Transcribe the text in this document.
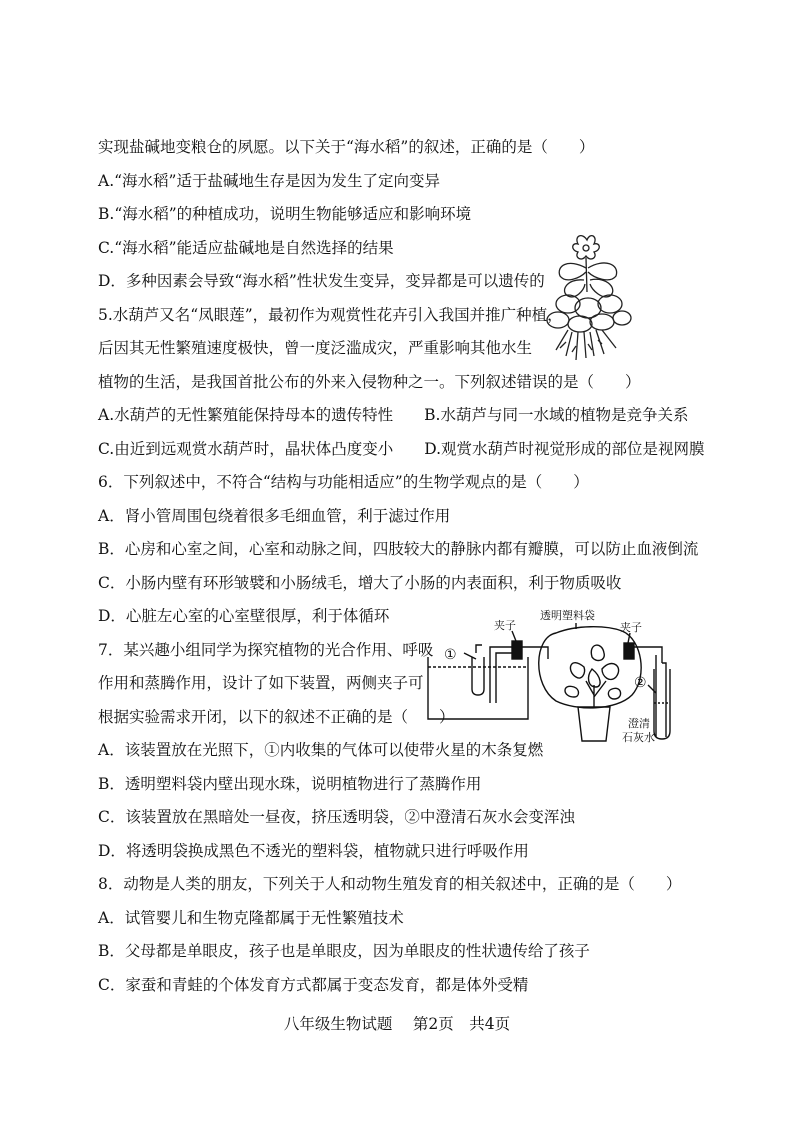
实现盐碱地变粮仓的夙愿。以下关于“海水稻”的叙述，正确的是（　　）
A.“海水稻”适于盐碱地生存是因为发生了定向变异
B.“海水稻”的种植成功，说明生物能够适应和影响环境
C.“海水稻”能适应盐碱地是自然选择的结果
D．多种因素会导致“海水稻”性状发生变异，变异都是可以遗传的
5.水葫芦又名“凤眼莲”，最初作为观赏性花卉引入我国并推广种植，
后因其无性繁殖速度极快，曾一度泛滥成灾，严重影响其他水生
植物的生活，是我国首批公布的外来入侵物种之一。下列叙述错误的是（　　）
A.水葫芦的无性繁殖能保持母本的遗传特性　　B.水葫芦与同一水域的植物是竞争关系
C.由近到远观赏水葫芦时，晶状体凸度变小　　D.观赏水葫芦时视觉形成的部位是视网膜
6．下列叙述中，不符合“结构与功能相适应”的生物学观点的是（　　）
A．肾小管周围包绕着很多毛细血管，利于滤过作用
B．心房和心室之间，心室和动脉之间，四肢较大的静脉内都有瓣膜，可以防止血液倒流
C．小肠内壁有环形皱襞和小肠绒毛，增大了小肠的内表面积，利于物质吸收
D．心脏左心室的心室壁很厚，利于体循环
7．某兴趣小组同学为探究植物的光合作用、呼吸
作用和蒸腾作用，设计了如下装置，两侧夹子可
根据实验需求开闭，以下的叙述不正确的是（　　）
A．该装置放在光照下，①内收集的气体可以使带火星的木条复燃
B．透明塑料袋内壁出现水珠，说明植物进行了蒸腾作用
C．该装置放在黑暗处一昼夜，挤压透明袋，②中澄清石灰水会变浑浊
D．将透明袋换成黑色不透光的塑料袋，植物就只进行呼吸作用
8．动物是人类的朋友，下列关于人和动物生殖发育的相关叙述中，正确的是（　　）
A．试管婴儿和生物克隆都属于无性繁殖技术
B．父母都是单眼皮，孩子也是单眼皮，因为单眼皮的性状遗传给了孩子
C．家蚕和青蛙的个体发育方式都属于变态发育，都是体外受精
八年级生物试题　 第2页　共4页
透明塑料袋
夹子	夹子
①
②
澄清
石灰水
